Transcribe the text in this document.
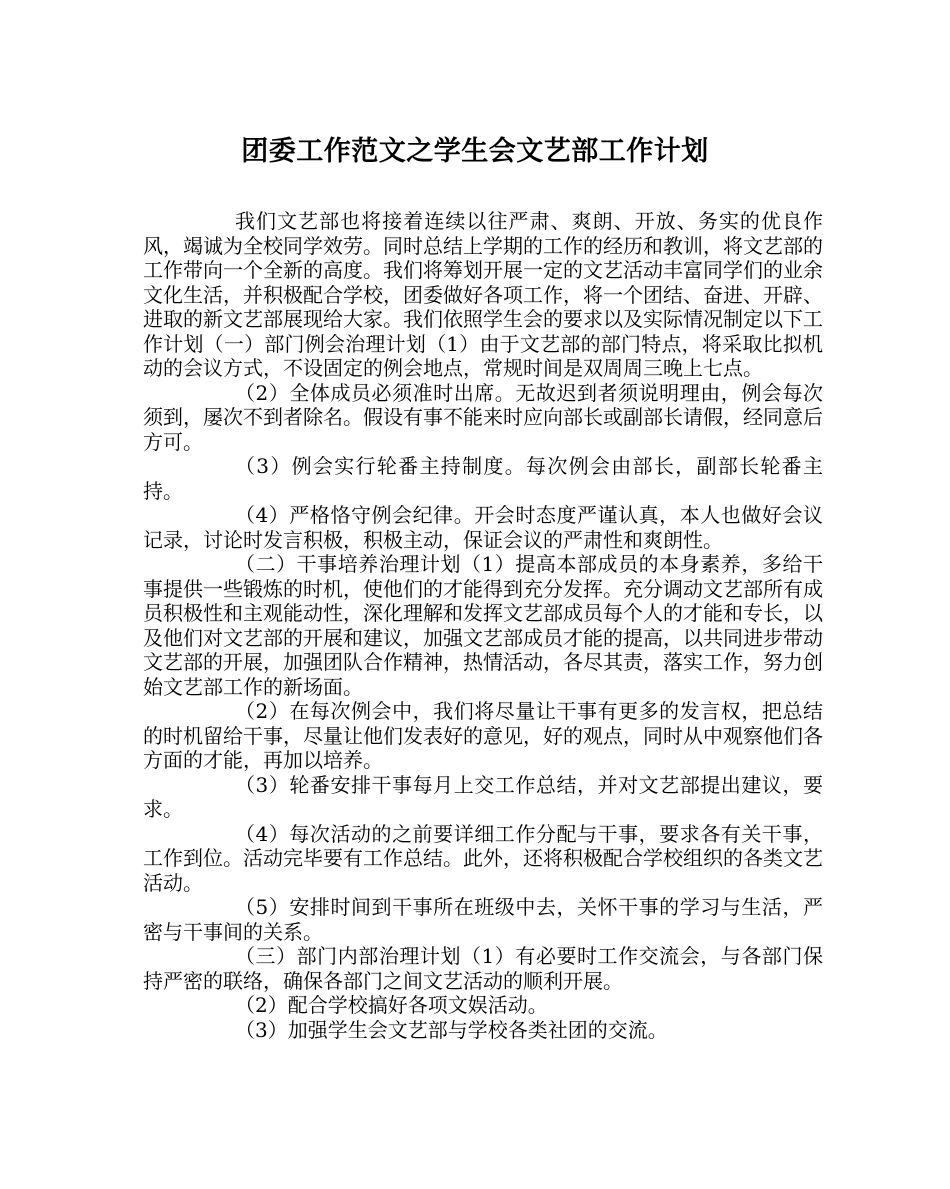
团委工作范文之学生会文艺部工作计划

我们文艺部也将接着连续以往严肃、爽朗、开放、务实的优良作风，竭诚为全校同学效劳。同时总结上学期的工作的经历和教训，将文艺部的工作带向一个全新的高度。我们将筹划开展一定的文艺活动丰富同学们的业余文化生活，并积极配合学校，团委做好各项工作，将一个团结、奋进、开辟、进取的新文艺部展现给大家。我们依照学生会的要求以及实际情况制定以下工作计划（一）部门例会治理计划（1）由于文艺部的部门特点，将采取比拟机动的会议方式，不设固定的例会地点，常规时间是双周周三晚上七点。

（2）全体成员必须准时出席。无故迟到者须说明理由，例会每次须到，屡次不到者除名。假设有事不能来时应向部长或副部长请假，经同意后方可。

（3）例会实行轮番主持制度。每次例会由部长，副部长轮番主持。

（4）严格恪守例会纪律。开会时态度严谨认真，本人也做好会议记录，讨论时发言积极，积极主动，保证会议的严肃性和爽朗性。

（二）干事培养治理计划（1）提高本部成员的本身素养，多给干事提供一些锻炼的时机，使他们的才能得到充分发挥。充分调动文艺部所有成员积极性和主观能动性，深化理解和发挥文艺部成员每个人的才能和专长，以及他们对文艺部的开展和建议，加强文艺部成员才能的提高，以共同进步带动文艺部的开展，加强团队合作精神，热情活动，各尽其责，落实工作，努力创始文艺部工作的新场面。

（2）在每次例会中，我们将尽量让干事有更多的发言权，把总结的时机留给干事，尽量让他们发表好的意见，好的观点，同时从中观察他们各方面的才能，再加以培养。

（3）轮番安排干事每月上交工作总结，并对文艺部提出建议，要求。

（4）每次活动的之前要详细工作分配与干事，要求各有关干事，工作到位。活动完毕要有工作总结。此外，还将积极配合学校组织的各类文艺活动。

（5）安排时间到干事所在班级中去，关怀干事的学习与生活，严密与干事间的关系。

（三）部门内部治理计划（1）有必要时工作交流会，与各部门保持严密的联络，确保各部门之间文艺活动的顺利开展。

（2）配合学校搞好各项文娱活动。

（3）加强学生会文艺部与学校各类社团的交流。
